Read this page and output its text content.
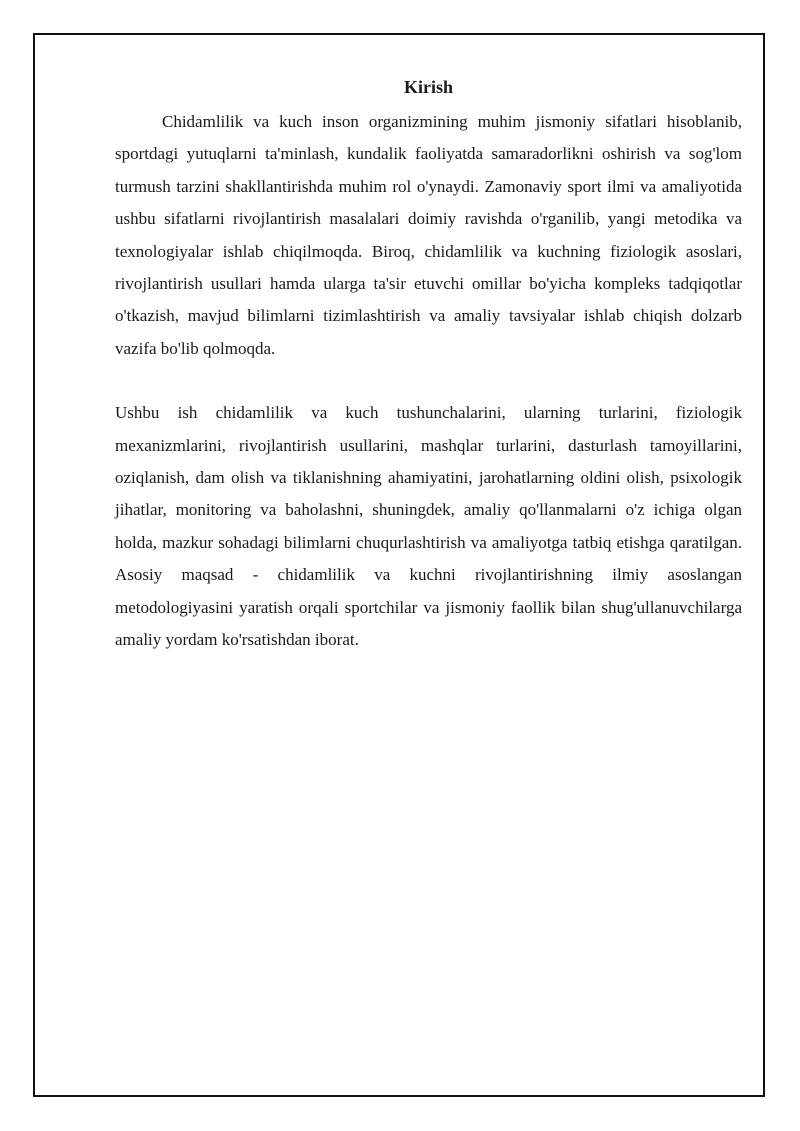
Kirish

Chidamlilik va kuch inson organizmining muhim jismoniy sifatlari hisoblanib, sportdagi yutuqlarni ta'minlash, kundalik faoliyatda samaradorlikni oshirish va sog'lom turmush tarzini shakllantirishda muhim rol o'ynaydi. Zamonaviy sport ilmi va amaliyotida ushbu sifatlarni rivojlantirish masalalari doimiy ravishda o'rganilib, yangi metodika va texnologiyalar ishlab chiqilmoqda. Biroq, chidamlilik va kuchning fiziologik asoslari, rivojlantirish usullari hamda ularga ta'sir etuvchi omillar bo'yicha kompleks tadqiqotlar o'tkazish, mavjud bilimlarni tizimlashtirish va amaliy tavsiyalar ishlab chiqish dolzarb vazifa bo'lib qolmoqda.

Ushbu ish chidamlilik va kuch tushunchalarini, ularning turlarini, fiziologik mexanizmlarini, rivojlantirish usullarini, mashqlar turlarini, dasturlash tamoyillarini, oziqlanish, dam olish va tiklanishning ahamiyatini, jarohatlarning oldini olish, psixologik jihatlar, monitoring va baholashni, shuningdek, amaliy qo'llanmalarni o'z ichiga olgan holda, mazkur sohadagi bilimlarni chuqurlashtirish va amaliyotga tatbiq etishga qaratilgan. Asosiy maqsad - chidamlilik va kuchni rivojlantirishning ilmiy asoslangan metodologiyasini yaratish orqali sportchilar va jismoniy faollik bilan shug'ullanuvchilarga amaliy yordam ko'rsatishdan iborat.
